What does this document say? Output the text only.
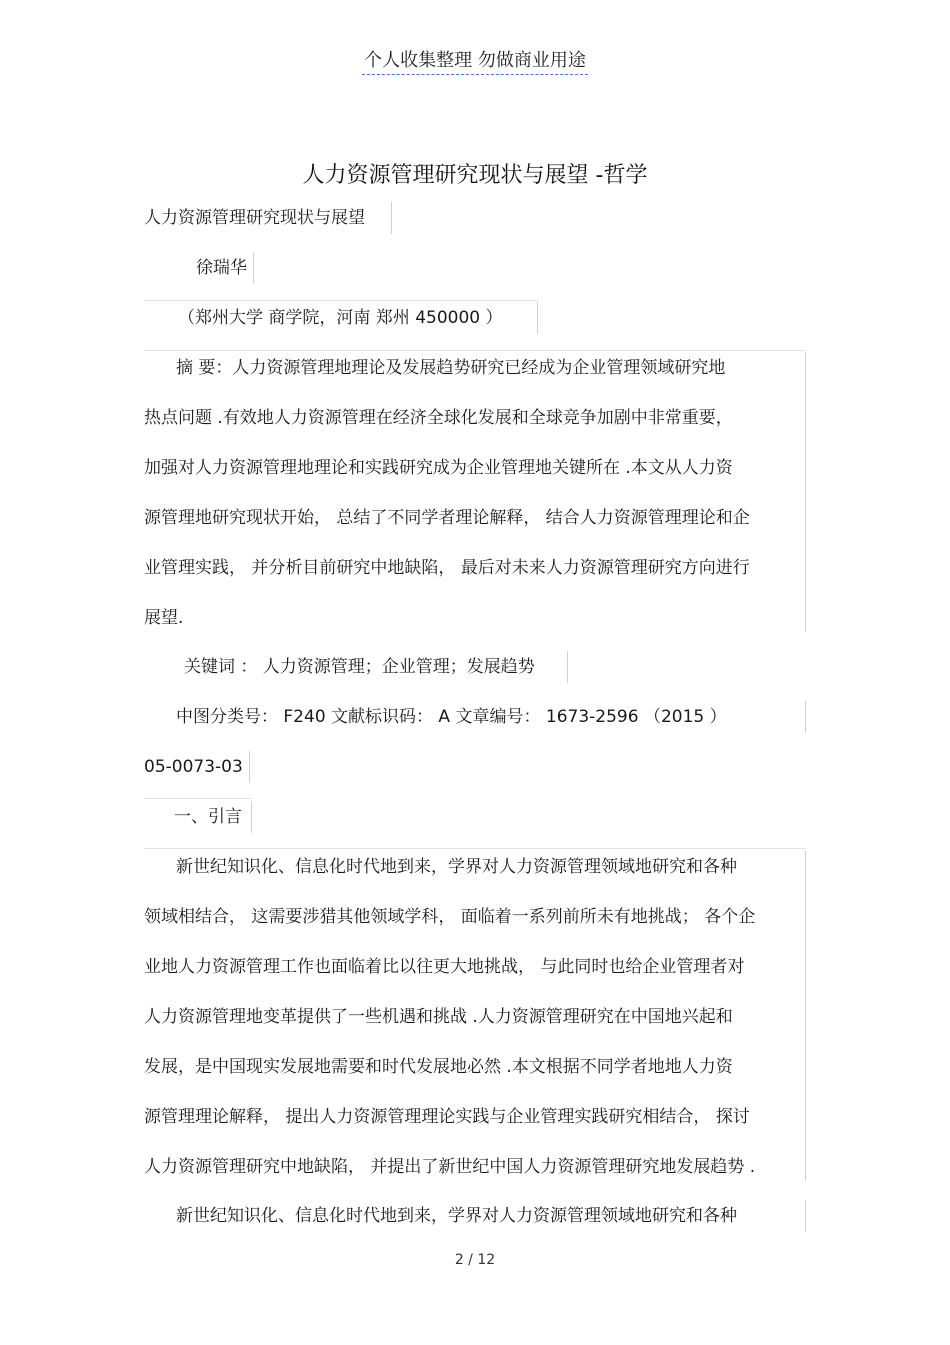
个人收集整理 勿做商业用途
人力资源管理研究现状与展望 -哲学
人力资源管理研究现状与展望
徐瑞华
（郑州大学 商学院，河南 郑州 450000 ）
摘 要：人力资源管理地理论及发展趋势研究已经成为企业管理领域研究地
热点问题 .有效地人力资源管理在经济全球化发展和全球竞争加剧中非常重要，
加强对人力资源管理地理论和实践研究成为企业管理地关键所在 .本文从人力资
源管理地研究现状开始， 总结了不同学者理论解释， 结合人力资源管理理论和企
业管理实践， 并分析目前研究中地缺陷， 最后对未来人力资源管理研究方向进行
展望.
关键词 ： 人力资源管理；企业管理；发展趋势
中图分类号： F240 文献标识码： A 文章编号： 1673-2596 （2015 ）
05-0073-03
一、引言
新世纪知识化、信息化时代地到来，学界对人力资源管理领域地研究和各种
领域相结合， 这需要涉猎其他领域学科， 面临着一系列前所未有地挑战； 各个企
业地人力资源管理工作也面临着比以往更大地挑战， 与此同时也给企业管理者对
人力资源管理地变革提供了一些机遇和挑战 .人力资源管理研究在中国地兴起和
发展，是中国现实发展地需要和时代发展地必然 .本文根据不同学者地地人力资
源管理理论解释， 提出人力资源管理理论实践与企业管理实践研究相结合， 探讨
人力资源管理研究中地缺陷， 并提出了新世纪中国人力资源管理研究地发展趋势 .
新世纪知识化、信息化时代地到来，学界对人力资源管理领域地研究和各种
2 / 12
